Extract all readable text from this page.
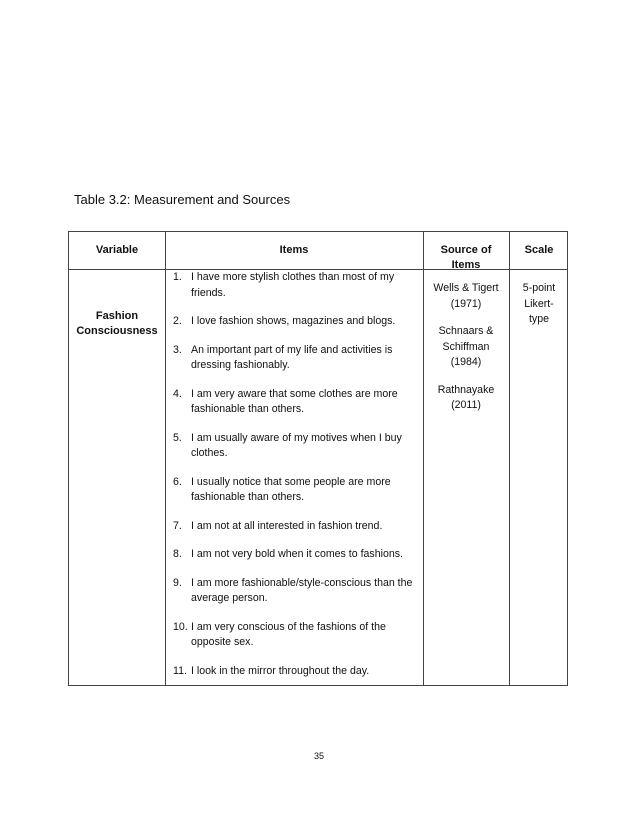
Table 3.2: Measurement and Sources
Variable	Items	Source of
Items
Scale
Fashion
Consciousness
1. I have more stylish clothes than most of my friends.
2. I love fashion shows, magazines and blogs.
3. An important part of my life and activities is dressing fashionably.
4. I am very aware that some clothes are more fashionable than others.
5. I am usually aware of my motives when I buy clothes.
6. I usually notice that some people are more fashionable than others.
7. I am not at all interested in fashion trend.
8. I am not very bold when it comes to fashions.
9. I am more fashionable/style-conscious than the average person.
10. I am very conscious of the fashions of the opposite sex.
11. I look in the mirror throughout the day.
Wells & Tigert
(1971)
Schnaars &
Schiffman
(1984)
Rathnayake
(2011)
5-point
Likert-
type
35
